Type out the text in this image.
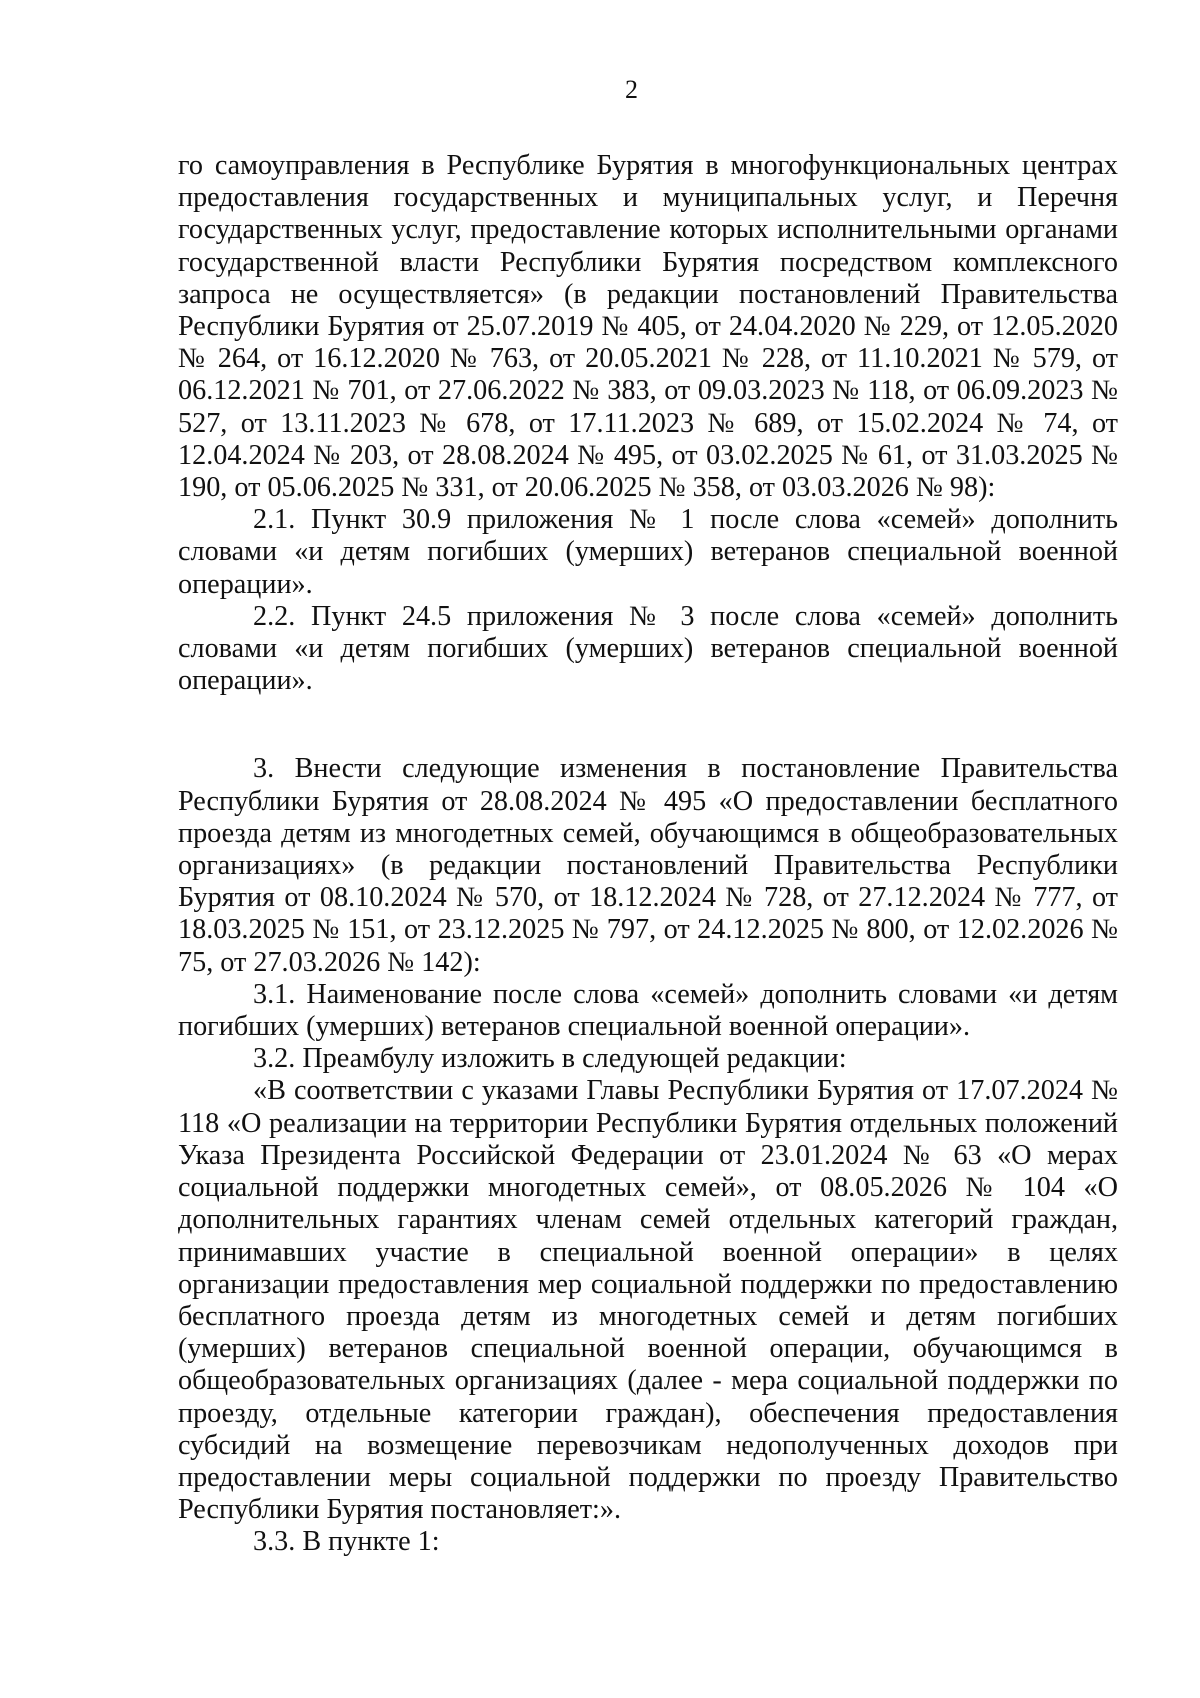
2

го самоуправления в Республике Бурятия в многофункциональных центрах предоставления государственных и муниципальных услуг, и Перечня государственных услуг, предоставление которых исполнительными органами государственной власти Республики Бурятия посредством комплексного запроса не осуществляется» (в редакции постановлений Правительства Республики Бурятия от 25.07.2019 № 405, от 24.04.2020 № 229, от 12.05.2020 № 264, от 16.12.2020 № 763, от 20.05.2021 № 228, от 11.10.2021 № 579, от 06.12.2021 № 701, от 27.06.2022 № 383, от 09.03.2023 № 118, от 06.09.2023 № 527, от 13.11.2023 № 678, от 17.11.2023 № 689, от 15.02.2024 № 74, от 12.04.2024 № 203, от 28.08.2024 № 495, от 03.02.2025 № 61, от 31.03.2025 № 190, от 05.06.2025 № 331, от 20.06.2025 № 358, от 03.03.2026 № 98):

2.1. Пункт 30.9 приложения № 1 после слова «семей» дополнить словами «и детям погибших (умерших) ветеранов специальной военной операции».

2.2. Пункт 24.5 приложения № 3 после слова «семей» дополнить словами «и детям погибших (умерших) ветеранов специальной военной операции».

3. Внести следующие изменения в постановление Правительства Республики Бурятия от 28.08.2024 № 495 «О предоставлении бесплатного проезда детям из многодетных семей, обучающимся в общеобразовательных организациях» (в редакции постановлений Правительства Республики Бурятия от 08.10.2024 № 570, от 18.12.2024 № 728, от 27.12.2024 № 777, от 18.03.2025 № 151, от 23.12.2025 № 797, от 24.12.2025 № 800, от 12.02.2026 № 75, от 27.03.2026 № 142):

3.1. Наименование после слова «семей» дополнить словами «и детям погибших (умерших) ветеранов специальной военной операции».

3.2. Преамбулу изложить в следующей редакции:

«В соответствии с указами Главы Республики Бурятия от 17.07.2024 № 118 «О реализации на территории Республики Бурятия отдельных положений Указа Президента Российской Федерации от 23.01.2024 № 63 «О мерах социальной поддержки многодетных семей», от 08.05.2026 № 104 «О дополнительных гарантиях членам семей отдельных категорий граждан, принимавших участие в специальной военной операции» в целях организации предоставления мер социальной поддержки по предоставлению бесплатного проезда детям из многодетных семей и детям погибших (умерших) ветеранов специальной военной операции, обучающимся в общеобразовательных организациях (далее - мера социальной поддержки по проезду, отдельные категории граждан), обеспечения предоставления субсидий на возмещение перевозчикам недополученных доходов при предоставлении меры социальной поддержки по проезду Правительство Республики Бурятия постановляет:».

3.3. В пункте 1:
